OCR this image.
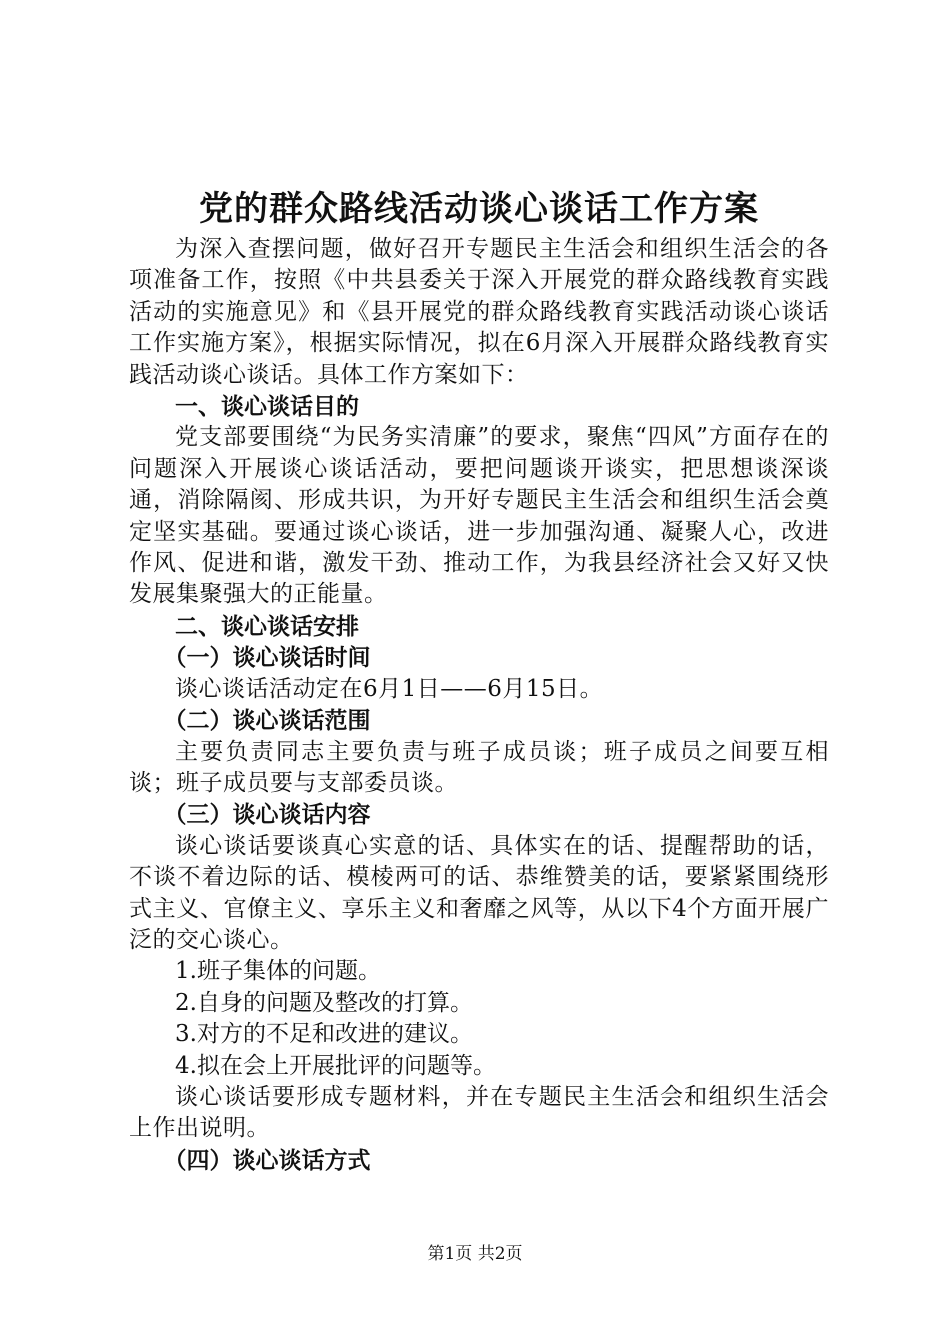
党的群众路线活动谈心谈话工作方案

为深入查摆问题，做好召开专题民主生活会和组织生活会的各项准备工作，按照《中共县委关于深入开展党的群众路线教育实践活动的实施意见》和《县开展党的群众路线教育实践活动谈心谈话工作实施方案》，根据实际情况，拟在6月深入开展群众路线教育实践活动谈心谈话。具体工作方案如下：

一、谈心谈话目的

党支部要围绕“为民务实清廉”的要求，聚焦“四风”方面存在的问题深入开展谈心谈话活动，要把问题谈开谈实，把思想谈深谈通，消除隔阂、形成共识，为开好专题民主生活会和组织生活会奠定坚实基础。要通过谈心谈话，进一步加强沟通、凝聚人心，改进作风、促进和谐，激发干劲、推动工作，为我县经济社会又好又快发展集聚强大的正能量。

二、谈心谈话安排

（一）谈心谈话时间

谈心谈话活动定在6月1日——6月15日。

（二）谈心谈话范围

主要负责同志主要负责与班子成员谈；班子成员之间要互相谈；班子成员要与支部委员谈。

（三）谈心谈话内容

谈心谈话要谈真心实意的话、具体实在的话、提醒帮助的话，不谈不着边际的话、模棱两可的话、恭维赞美的话，要紧紧围绕形式主义、官僚主义、享乐主义和奢靡之风等，从以下4个方面开展广泛的交心谈心。

1.班子集体的问题。

2.自身的问题及整改的打算。

3.对方的不足和改进的建议。

4.拟在会上开展批评的问题等。

谈心谈话要形成专题材料，并在专题民主生活会和组织生活会上作出说明。

（四）谈心谈话方式

第1页 共2页
